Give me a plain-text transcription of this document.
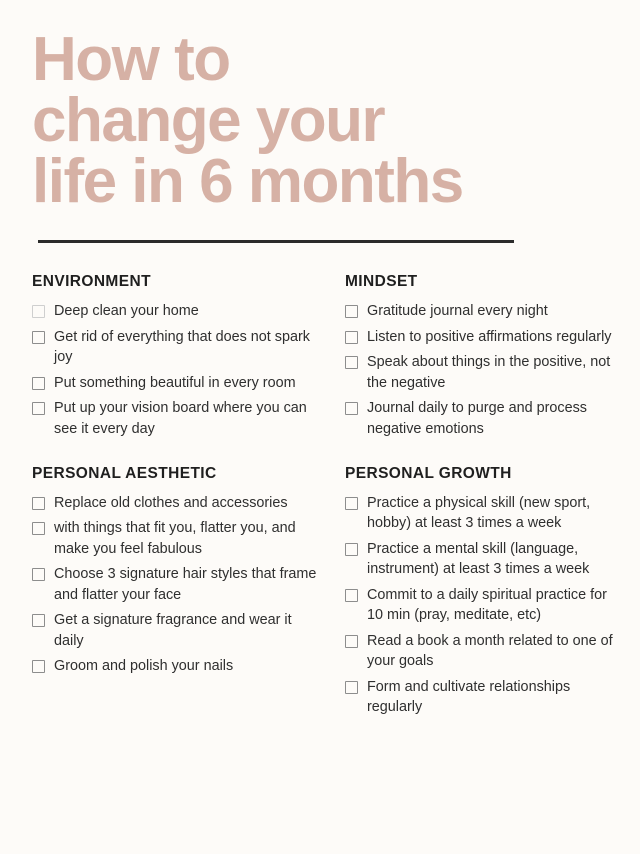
How to
change your
life in 6 months
ENVIRONMENT
Deep clean your home
Get rid of everything that does not spark joy
Put something beautiful in every room
Put up your vision board where you can see it every day
PERSONAL AESTHETIC
Replace old clothes and accessories
with things that fit you, flatter you, and make you feel fabulous
Choose 3 signature hair styles that frame and flatter your face
Get a signature fragrance and wear it daily
Groom and polish your nails
MINDSET
Gratitude journal every night
Listen to positive affirmations regularly
Speak about things in the positive, not the negative
Journal daily to purge and process negative emotions
PERSONAL GROWTH
Practice a physical skill (new sport, hobby) at least 3 times a week
Practice a mental skill (language, instrument) at least 3 times a week
Commit to a daily spiritual practice for 10 min (pray, meditate, etc)
Read a book a month related to one of your goals
Form and cultivate relationships regularly
